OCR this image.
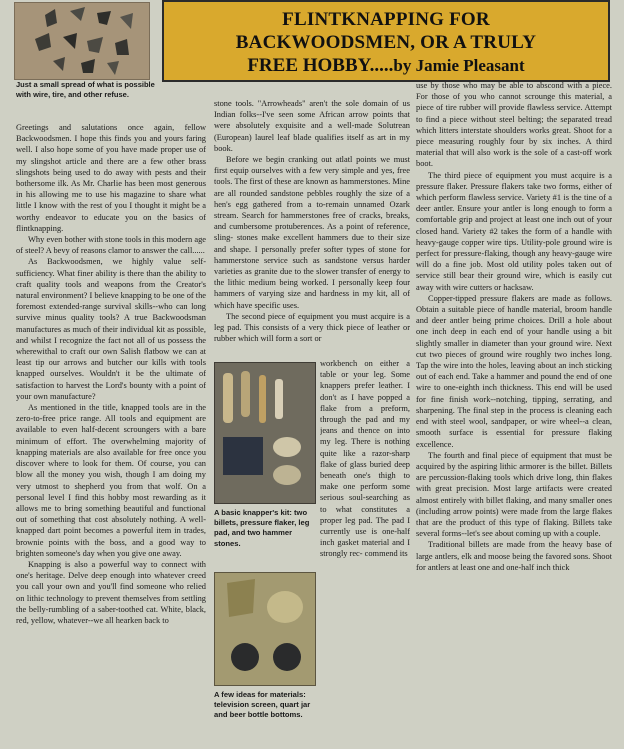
FLINTKNAPPING FOR
BACKWOODSMEN, OR A TRULY
FREE HOBBY.....by Jamie Pleasant
Just a small spread of what is possible with wire, tire, and other refuse.

Greetings and salutations once again, fellow Backwoodsmen. I hope this finds you and yours faring well. I also hope some of you have made proper use of my slingshot article and there are a few other brass slingshots being used to do away with pests and their bothersome ilk. As Mr. Charlie has been most generous in his allowing me to use his magazine to share what little I know with the rest of you I thought it might be a worthy endeavor to educate you on the basics of flintknapping.

Why even bother with stone tools in this modern age of steel? A bevy of reasons clamor to answer the call......

As Backwoodsmen, we highly value self-sufficiency. What finer ability is there than the ability to craft quality tools and weapons from the Creator's natural environment? I believe knapping to be one of the foremost extended-range survival skills--who can long survive minus quality tools? A true Backwoodsman manufactures as much of their individual kit as possible, and whilst I recognize the fact not all of us possess the wherewithal to craft our own Salish flatbow we can at least tip our arrows and butcher our kills with tools knapped ourselves. Wouldn't it be the ultimate of satisfaction to harvest the Lord's bounty with a point of your own manufacture?

As mentioned in the title, knapped tools are in the zero-to-free price range. All tools and equipment are available to even half-decent scroungers with a bare minimum of effort. The overwhelming majority of knapping materials are also available for free once you discover where to look for them. Of course, you can blow all the money you wish, though I am doing my very utmost to shepherd you from that wolf. On a personal level I find this hobby most rewarding as it allows me to bring something beautiful and functional out of something that cost absolutely nothing. A well-knapped dart point becomes a powerful item in trades, brownie points with the boss, and a good way to brighten someone's day when you give one away.

Knapping is also a powerful way to connect with one's heritage. Delve deep enough into whatever creed you call your own and you'll find someone who relied on lithic technology to prevent themselves from settling the belly-rumbling of a saber-toothed cat. White, black, red, yellow, whatever--we all hearken back to

stone tools. "Arrowheads" aren't the sole domain of us Indian folks--I've seen some African arrow points that were absolutely exquisite and a well-made Solutrean (European) laurel leaf blade qualifies itself as art in my book.

Before we begin cranking out atlatl points we must first equip ourselves with a few very simple and yes, free tools. The first of these are known as hammerstones. Mine are all rounded sandstone pebbles roughly the size of a hen's egg gathered from a to-remain unnamed Ozark stream. Search for hammerstones free of cracks, breaks, and cumbersome protuberences. As a point of reference, sling- stones make excellent hammers due to their size and shape. I personally prefer softer types of stone for hammerstone service such as sandstone versus harder varieties as granite due to the slower transfer of energy to the lithic medium being worked. I personally keep four hammers of varying size and hardness in my kit, all of which have specific uses.

The second piece of equipment you must acquire is a leg pad. This consists of a very thick piece of leather or rubber which will form a sort or

A basic knapper's kit: two billets, pressure flaker, leg pad, and two hammer stones.
A few ideas for materials: television screen, quart jar and beer bottle bottoms.

workbench on either a table or your leg. Some knappers prefer leather. I don't as I have popped a flake from a preform, through the pad and my jeans and thence on into my leg. There is nothing quite like a razor-sharp flake of glass buried deep beneath one's thigh to make one perform some serious soul-searching as to what constitutes a proper leg pad. The pad I currently use is one-half inch gasket material and I strongly rec- commend its

use by those who may be able to abscond with a piece. For those of you who cannot scrounge this material, a piece of tire rubber will provide flawless service. Attempt to find a piece without steel belting; the separated tread which litters interstate shoulders works great. Shoot for a piece measuring roughly four by six inches. A third material that will also work is the sole of a cast-off work boot.

The third piece of equipment you must acquire is a pressure flaker. Pressure flakers take two forms, either of which perform flawless service. Variety #1 is the tine of a deer antler. Ensure your antler is long enough to form a comfortable grip and project at least one inch out of your closed hand. Variety #2 takes the form of a handle with heavy-gauge copper wire tips. Utility-pole ground wire is perfect for pressure-flaking, though any heavy-gauge wire will do a fine job. Most old utility poles taken out of service still bear their ground wire, which is easily cut away with wire cutters or hacksaw.

Copper-tipped pressure flakers are made as follows. Obtain a suitable piece of handle material, broom handle and deer antler being prime choices. Drill a hole about one inch deep in each end of your handle using a bit slightly smaller in diameter than your ground wire. Next cut two pieces of ground wire roughly two inches long. Tap the wire into the holes, leaving about an inch sticking out of each end. Take a hammer and pound the end of one wire to one-eighth inch thickness. This end will be used for fine finish work--notching, tipping, serrating, and sharpening. The final step in the process is cleaning each end with steel wool, sandpaper, or wire wheel--a clean, smooth surface is essential for pressure flaking excellence.

The fourth and final piece of equipment that must be acquired by the aspiring lithic armorer is the billet. Billets are percussion-flaking tools which drive long, thin flakes with great precision. Most large artifacts were created almost entirely with billet flaking, and many smaller ones (including arrow points) were made from the large flakes that are the product of this type of flaking. Billets take several forms--let's see about coming up with a couple.

Traditional billets are made from the heavy base of large antlers, elk and moose being the favored sons. Shoot for antlers at least one and one-half inch thick
